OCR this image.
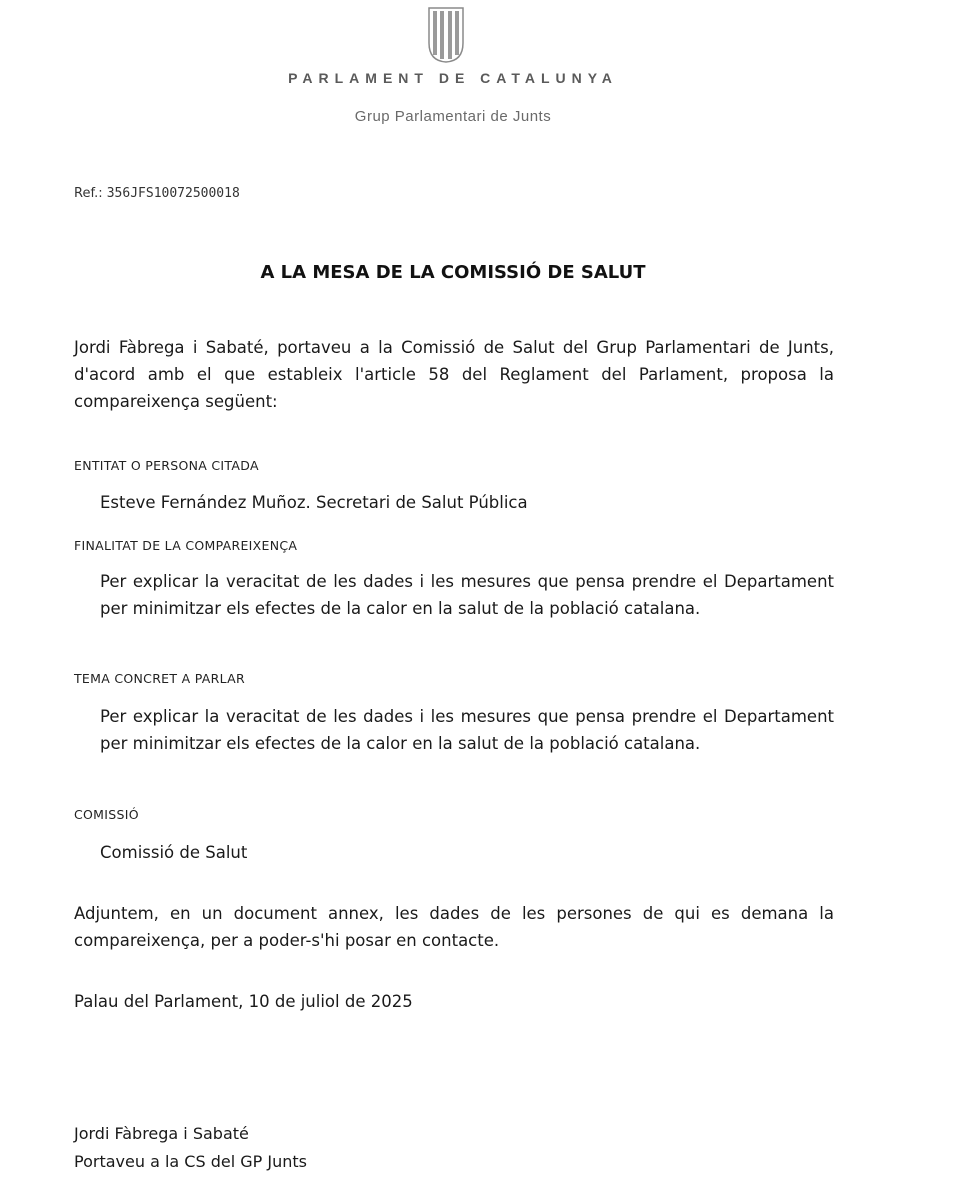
PARLAMENT DE CATALUNYA
Grup Parlamentari de Junts
Ref.: 356JFS10072500018
A LA MESA DE LA COMISSIÓ DE SALUT
Jordi Fàbrega i Sabaté, portaveu a la Comissió de Salut del Grup Parlamentari de Junts, d'acord amb el que estableix l'article 58 del Reglament del Parlament, proposa la compareixença següent:
ENTITAT O PERSONA CITADA
Esteve Fernández Muñoz. Secretari de Salut Pública
FINALITAT DE LA COMPAREIXENÇA
Per explicar la veracitat de les dades i les mesures que pensa prendre el Departament per minimitzar els efectes de la calor en la salut de la població catalana.
TEMA CONCRET A PARLAR
Per explicar la veracitat de les dades i les mesures que pensa prendre el Departament per minimitzar els efectes de la calor en la salut de la població catalana.
COMISSIÓ
Comissió de Salut
Adjuntem, en un document annex, les dades de les persones de qui es demana la compareixença, per a poder-s'hi posar en contacte.
Palau del Parlament, 10 de juliol de 2025
Jordi Fàbrega i Sabaté
Portaveu a la CS del GP Junts
